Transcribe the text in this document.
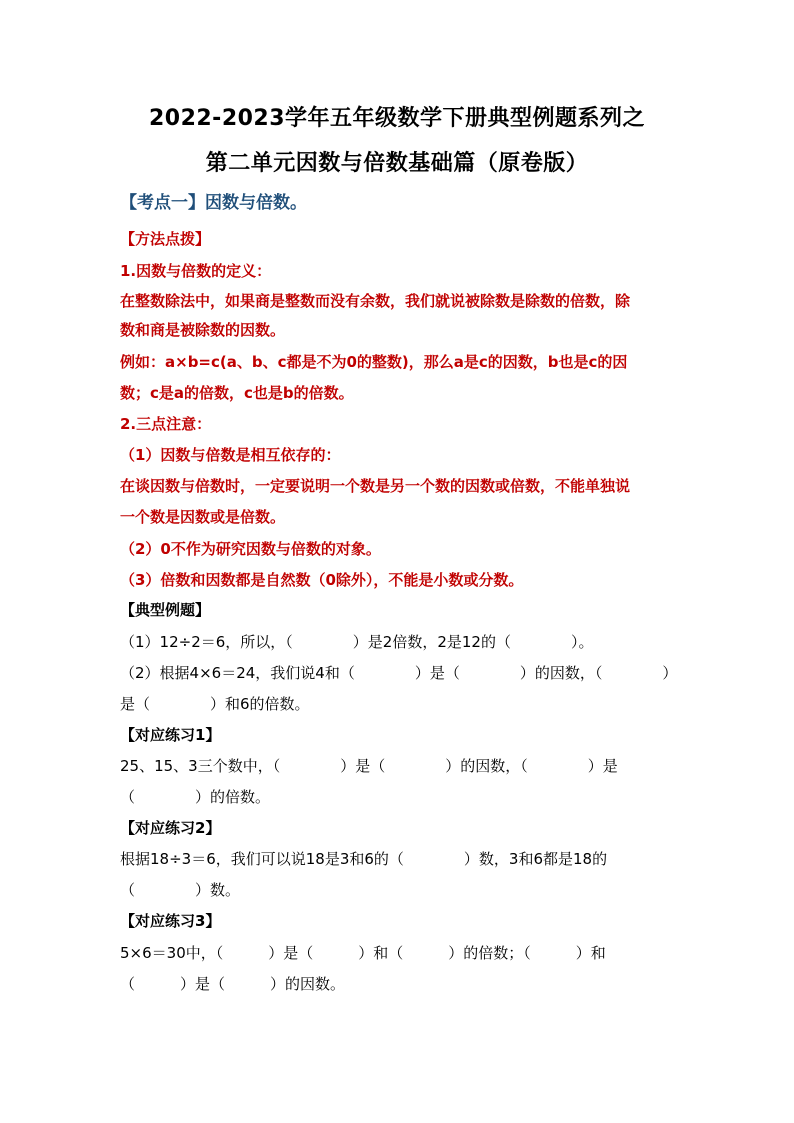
2022-2023学年五年级数学下册典型例题系列之
第二单元因数与倍数基础篇（原卷版）
【考点一】因数与倍数。
【方法点拨】
1.因数与倍数的定义：
在整数除法中，如果商是整数而没有余数，我们就说被除数是除数的倍数，除
数和商是被除数的因数。
例如：a×b=c(a、b、c都是不为0的整数)，那么a是c的因数，b也是c的因
数；c是a的倍数，c也是b的倍数。
2.三点注意：
（1）因数与倍数是相互依存的：
在谈因数与倍数时，一定要说明一个数是另一个数的因数或倍数，不能单独说
一个数是因数或是倍数。
（2）0不作为研究因数与倍数的对象。
（3）倍数和因数都是自然数（0除外），不能是小数或分数。
【典型例题】
（1）12÷2＝6，所以，（　　　　）是2倍数，2是12的（　　　　）。
（2）根据4×6＝24，我们说4和（　　　　）是（　　　　）的因数，（　　　　）
是（　　　　）和6的倍数。
【对应练习1】
25、15、3三个数中，（　　　　）是（　　　　）的因数，（　　　　）是
（　　　　）的倍数。
【对应练习2】
根据18÷3＝6，我们可以说18是3和6的（　　　　）数，3和6都是18的
（　　　　）数。
【对应练习3】
5×6＝30中，（　　　）是（　　　）和（　　　）的倍数；（　　　）和
（　　　）是（　　　）的因数。
